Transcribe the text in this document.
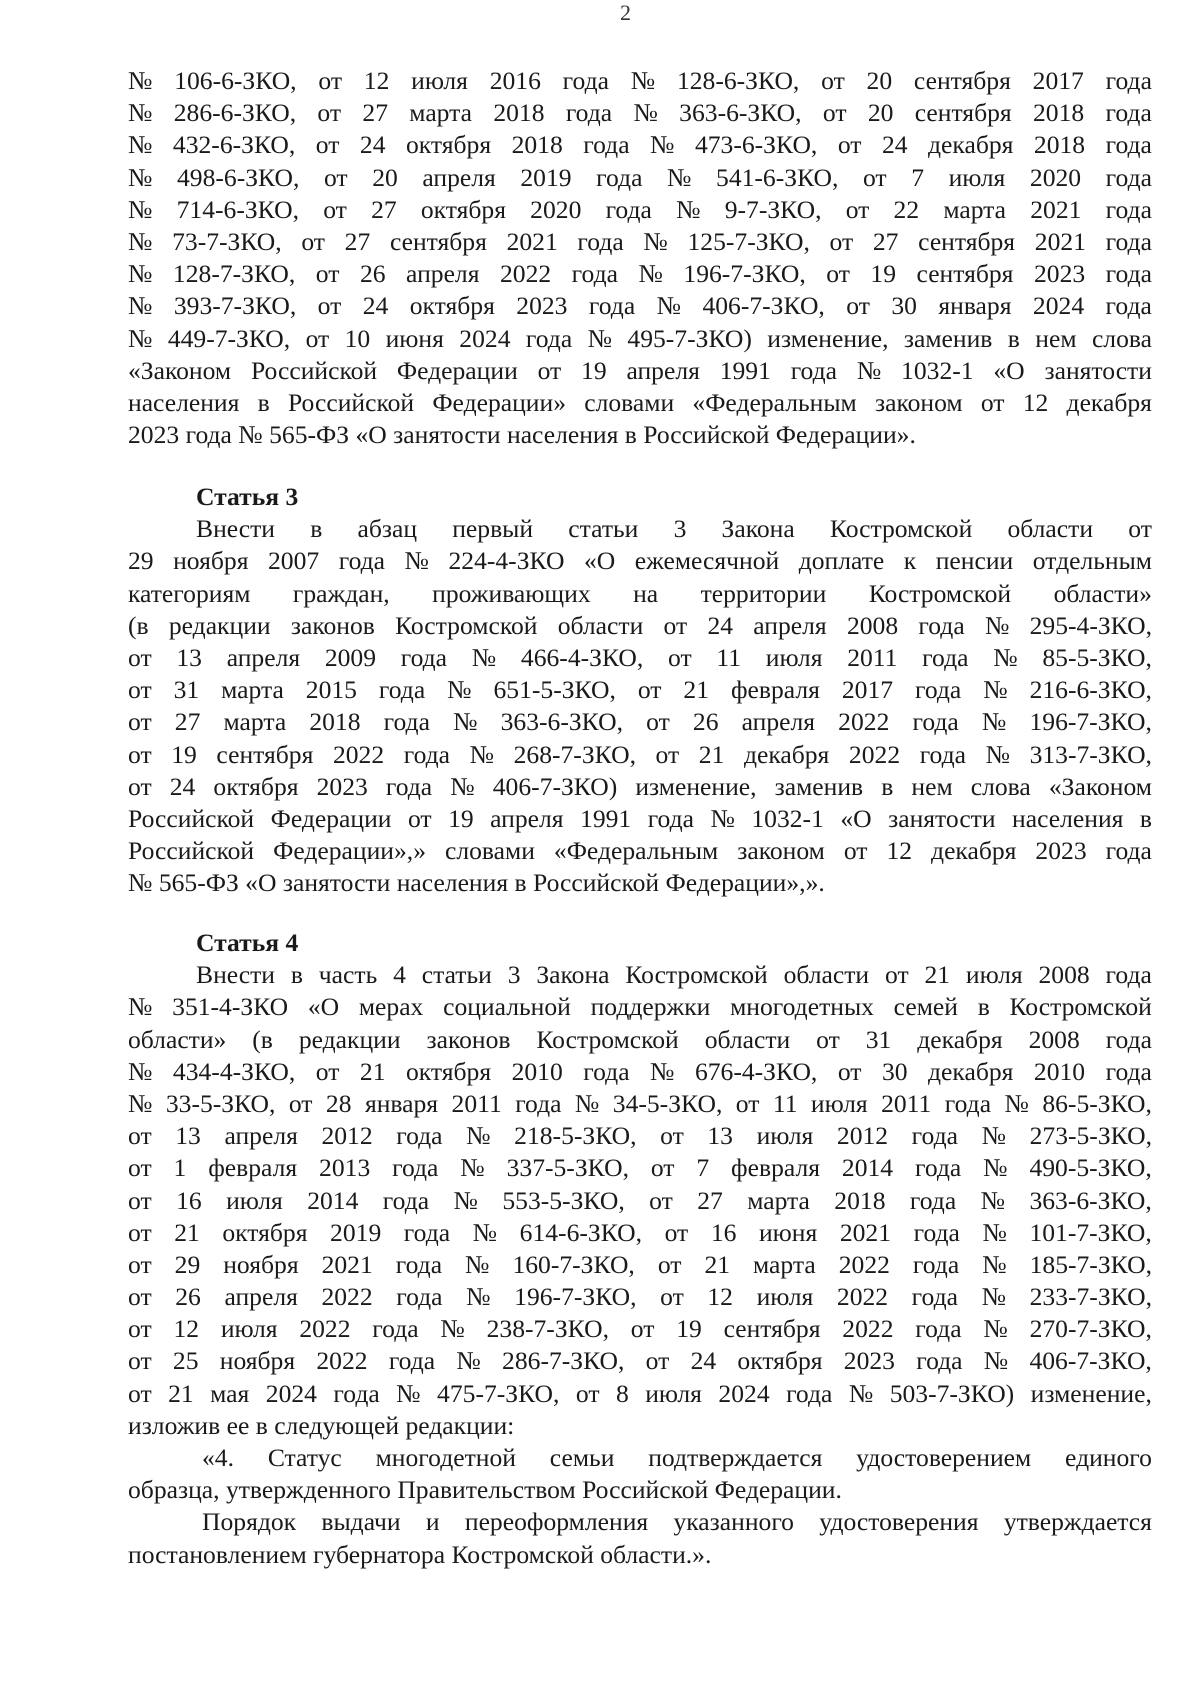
2
№ 106-6-ЗКО, от 12 июля 2016 года № 128-6-ЗКО, от 20 сентября 2017 года
№ 286-6-ЗКО, от 27 марта 2018 года № 363-6-ЗКО, от 20 сентября 2018 года
№ 432-6-ЗКО, от 24 октября 2018 года № 473-6-ЗКО, от 24 декабря 2018 года
№ 498-6-ЗКО, от 20 апреля 2019 года № 541-6-ЗКО, от 7 июля 2020 года
№ 714-6-ЗКО, от 27 октября 2020 года № 9-7-ЗКО, от 22 марта 2021 года
№ 73-7-ЗКО, от 27 сентября 2021 года № 125-7-ЗКО, от 27 сентября 2021 года
№ 128-7-ЗКО, от 26 апреля 2022 года № 196-7-ЗКО, от 19 сентября 2023 года
№ 393-7-ЗКО, от 24 октября 2023 года № 406-7-ЗКО, от 30 января 2024 года
№ 449-7-ЗКО, от 10 июня 2024 года № 495-7-ЗКО) изменение, заменив в нем слова
«Законом Российской Федерации от 19 апреля 1991 года № 1032-1 «О занятости
населения в Российской Федерации» словами «Федеральным законом от 12 декабря
2023 года № 565-ФЗ «О занятости населения в Российской Федерации».
Статья 3
Внести в абзац первый статьи 3 Закона Костромской области от
29 ноября 2007 года № 224-4-ЗКО «О ежемесячной доплате к пенсии отдельным
категориям граждан, проживающих на территории Костромской области»
(в редакции законов Костромской области от 24 апреля 2008 года № 295-4-ЗКО,
от 13 апреля 2009 года № 466-4-ЗКО, от 11 июля 2011 года № 85-5-ЗКО,
от 31 марта 2015 года № 651-5-ЗКО, от 21 февраля 2017 года № 216-6-ЗКО,
от 27 марта 2018 года № 363-6-ЗКО, от 26 апреля 2022 года № 196-7-ЗКО,
от 19 сентября 2022 года № 268-7-ЗКО, от 21 декабря 2022 года № 313-7-ЗКО,
от 24 октября 2023 года № 406-7-ЗКО) изменение, заменив в нем слова «Законом
Российской Федерации от 19 апреля 1991 года № 1032-1 «О занятости населения в
Российской Федерации»,» словами «Федеральным законом от 12 декабря 2023 года
№ 565-ФЗ «О занятости населения в Российской Федерации»,».
Статья 4
Внести в часть 4 статьи 3 Закона Костромской области от 21 июля 2008 года
№ 351-4-ЗКО «О мерах социальной поддержки многодетных семей в Костромской
области» (в редакции законов Костромской области от 31 декабря 2008 года
№ 434-4-ЗКО, от 21 октября 2010 года № 676-4-ЗКО, от 30 декабря 2010 года
№ 33-5-ЗКО, от 28 января 2011 года № 34-5-ЗКО, от 11 июля 2011 года № 86-5-ЗКО,
от 13 апреля 2012 года № 218-5-ЗКО, от 13 июля 2012 года № 273-5-ЗКО,
от 1 февраля 2013 года № 337-5-ЗКО, от 7 февраля 2014 года № 490-5-ЗКО,
от 16 июля 2014 года № 553-5-ЗКО, от 27 марта 2018 года № 363-6-ЗКО,
от 21 октября 2019 года № 614-6-ЗКО, от 16 июня 2021 года № 101-7-ЗКО,
от 29 ноября 2021 года № 160-7-ЗКО, от 21 марта 2022 года № 185-7-ЗКО,
от 26 апреля 2022 года № 196-7-ЗКО, от 12 июля 2022 года № 233-7-ЗКО,
от 12 июля 2022 года № 238-7-ЗКО, от 19 сентября 2022 года № 270-7-ЗКО,
от 25 ноября 2022 года № 286-7-ЗКО, от 24 октября 2023 года № 406-7-ЗКО,
от 21 мая 2024 года № 475-7-ЗКО, от 8 июля 2024 года № 503-7-ЗКО) изменение,
изложив ее в следующей редакции:
«4. Статус многодетной семьи подтверждается удостоверением единого
образца, утвержденного Правительством Российской Федерации.
Порядок выдачи и переоформления указанного удостоверения утверждается
постановлением губернатора Костромской области.».
